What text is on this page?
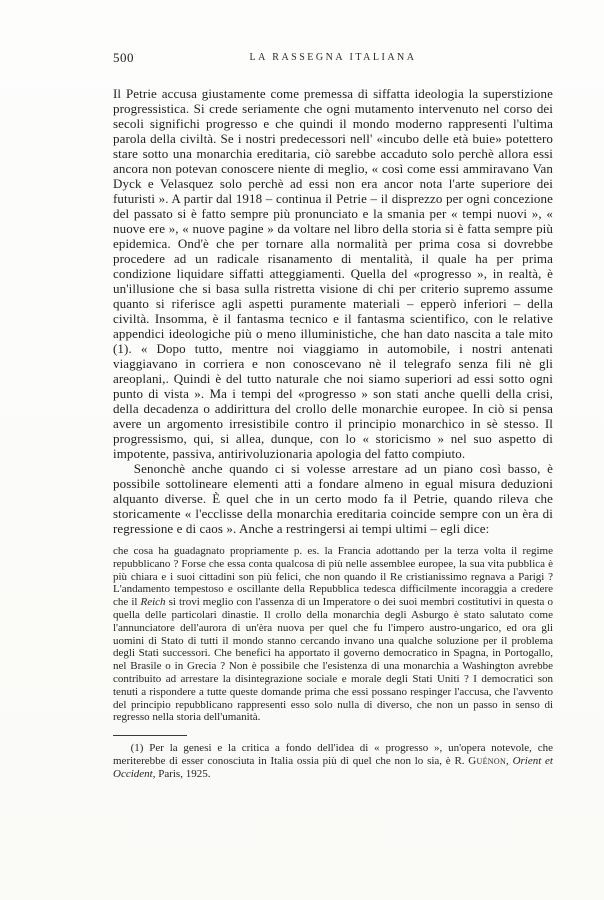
500	LA RASSEGNA ITALIANA

Il Petrie accusa giustamente come premessa di siffatta ideologia la superstizione progressistica. Si crede seriamente che ogni mutamento intervenuto nel corso dei secoli significhi progresso e che quindi il mondo moderno rappresenti l'ultima parola della civiltà. Se i nostri predecessori nell' «incubo delle età buie» potettero stare sotto una monarchia ereditaria, ciò sarebbe accaduto solo perchè allora essi ancora non potevan conoscere niente di meglio, « così come essi ammiravano Van Dyck e Velasquez solo perchè ad essi non era ancor nota l'arte superiore dei futuristi ». A partir dal 1918 – continua il Petrie – il disprezzo per ogni concezione del passato si è fatto sempre più pronunciato e la smania per « tempi nuovi », « nuove ere », « nuove pagine » da voltare nel libro della storia si è fatta sempre più epidemica. Ond'è che per tornare alla normalità per prima cosa si dovrebbe procedere ad un radicale risanamento di mentalità, il quale ha per prima condizione liquidare siffatti atteggiamenti. Quella del «progresso », in realtà, è un'illusione che si basa sulla ristretta visione di chi per criterio supremo assume quanto si riferisce agli aspetti puramente materiali – epperò inferiori – della civiltà. Insomma, è il fantasma tecnico e il fantasma scientifico, con le relative appendici ideologiche più o meno illuministiche, che han dato nascita a tale mito (1). « Dopo tutto, mentre noi viaggiamo in automobile, i nostri antenati viaggiavano in corriera e non conoscevano nè il telegrafo senza fili nè gli areoplani,. Quindi è del tutto naturale che noi siamo superiori ad essi sotto ogni punto di vista ». Ma i tempi del «progresso » son stati anche quelli della crisi, della decadenza o addirittura del crollo delle monarchie europee. In ciò si pensa avere un argomento irresistibile contro il principio monarchico in sè stesso. Il progressismo, qui, si allea, dunque, con lo « storicismo » nel suo aspetto di impotente, passiva, antirivoluzionaria apologia del fatto compiuto.

Senonchè anche quando ci si volesse arrestare ad un piano così basso, è possibile sottolineare elementi atti a fondare almeno in egual misura deduzioni alquanto diverse. È quel che in un certo modo fa il Petrie, quando rileva che storicamente « l'ecclisse della monarchia ereditaria coincide sempre con un èra di regressione e di caos ». Anche a restringersi ai tempi ultimi – egli dice:

che cosa ha guadagnato propriamente p. es. la Francia adottando per la terza volta il regime repubblicano ? Forse che essa conta qualcosa di più nelle assemblee europee, la sua vita pubblica è più chiara e i suoi cittadini son più felici, che non quando il Re cristianissimo regnava a Parigi ? L'andamento tempestoso e oscillante della Repubblica tedesca difficilmente incoraggia a credere che il Reich si trovi meglio con l'assenza di un Imperatore o dei suoi membri costitutivi in questa o quella delle particolari dinastie. Il crollo della monarchia degli Asburgo è stato salutato come l'annunciatore dell'aurora di un'èra nuova per quel che fu l'impero austro-ungarico, ed ora gli uomini di Stato di tutti il mondo stanno cercando invano una qualche soluzione per il problema degli Stati successori. Che benefici ha apportato il governo democratico in Spagna, in Portogallo, nel Brasile o in Grecia ? Non è possibile che l'esistenza di una monarchia a Washington avrebbe contribuito ad arrestare la disintegrazione sociale e morale degli Stati Uniti ? I democratici son tenuti a rispondere a tutte queste domande prima che essi possano respinger l'accusa, che l'avvento del principio repubblicano rappresenti esso solo nulla di diverso, che non un passo in senso di regresso nella storia dell'umanità.

(1) Per la genesi e la critica a fondo dell'idea di « progresso », un'opera notevole, che meriterebbe di esser conosciuta in Italia ossia più di quel che non lo sia, è R. Guénon, Orient et Occident, Paris, 1925.
